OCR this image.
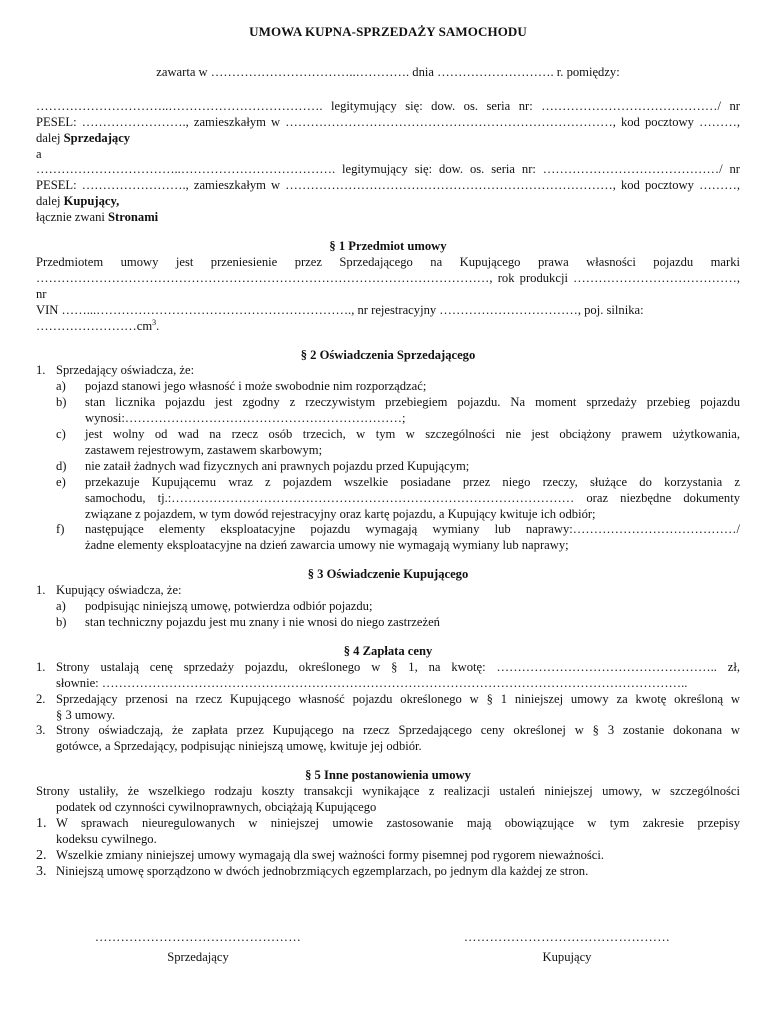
UMOWA KUPNA-SPRZEDAŻY SAMOCHODU
zawarta w ……………………………..…………. dnia ………………………. r. pomiędzy:
…………………………..………………………………. legitymujący się: dow. os. seria nr: ……………………………………/ nr
PESEL: ……………………., zamieszkałym w ……………………………………………………………………, kod pocztowy ………,
dalej Sprzedający
a
……………………………..………………………………. legitymujący się: dow. os. seria nr: ……………………………………/ nr
PESEL: ……………………., zamieszkałym w ……………………………………………………………………, kod pocztowy ………,
dalej Kupujący,
łącznie zwani Stronami
§ 1 Przedmiot umowy
Przedmiotem umowy jest przeniesienie przez Sprzedającego na Kupującego prawa własności pojazdu marki
………………………………………………………………………………………………, rok produkcji …………………………………, nr
VIN ……...……………………………………………………., nr rejestracyjny ……………………………, poj. silnika: $\dots\dots\dots\dots\dots\dots\dots\dots cm^3$.
§ 2 Oświadczenia Sprzedającego
1. Sprzedający oświadcza, że:
a)	pojazd stanowi jego własność i może swobodnie nim rozporządzać;
b)	stan licznika pojazdu jest zgodny z rzeczywistym przebiegiem pojazdu. Na moment sprzedaży przebieg pojazdu
wynosi:…………………………………………………………;
c)	jest wolny od wad na rzecz osób trzecich, w tym w szczególności nie jest obciążony prawem użytkowania,
zastawem rejestrowym, zastawem skarbowym;
d)	nie zataił żadnych wad fizycznych ani prawnych pojazdu przed Kupującym;
e)	przekazuje Kupującemu wraz z pojazdem wszelkie posiadane przez niego rzeczy, służące do korzystania z
samochodu, tj.:…………………………………………………………………………………… oraz niezbędne dokumenty
związane z pojazdem, w tym dowód rejestracyjny oraz kartę pojazdu, a Kupujący kwituje ich odbiór;
f)	następujące elementy eksploatacyjne pojazdu wymagają wymiany lub naprawy:…………………………………/
żadne elementy eksploatacyjne na dzień zawarcia umowy nie wymagają wymiany lub naprawy;
§ 3 Oświadczenie Kupującego
1. Kupujący oświadcza, że:
a)	podpisując niniejszą umowę, potwierdza odbiór pojazdu;
b)	stan techniczny pojazdu jest mu znany i nie wnosi do niego zastrzeżeń
§ 4 Zapłata ceny
1. Strony ustalają cenę sprzedaży pojazdu, określonego w § 1, na kwotę: …………………………………………….. zł,
słownie: …………………………………………………………………………………………………………………………..
2. Sprzedający przenosi na rzecz Kupującego własność pojazdu określonego w § 1 niniejszej umowy za kwotę określoną w
§ 3 umowy.
3. Strony oświadczają, że zapłata przez Kupującego na rzecz Sprzedającego ceny określonej w § 3 zostanie dokonana w
gotówce, a Sprzedający, podpisując niniejszą umowę, kwituje jej odbiór.
§ 5 Inne postanowienia umowy
Strony ustaliły, że wszelkiego rodzaju koszty transakcji wynikające z realizacji ustaleń niniejszej umowy, w szczególności
podatek od czynności cywilnoprawnych, obciążają Kupującego
1. W sprawach nieuregulowanych w niniejszej umowie zastosowanie mają obowiązujące w tym zakresie przepisy
kodeksu cywilnego.
2. Wszelkie zmiany niniejszej umowy wymagają dla swej ważności formy pisemnej pod rygorem nieważności.
3. Niniejszą umowę sporządzono w dwóch jednobrzmiących egzemplarzach, po jednym dla każdej ze stron.
…………………………………………
Sprzedający
…………………………………………
Kupujący
